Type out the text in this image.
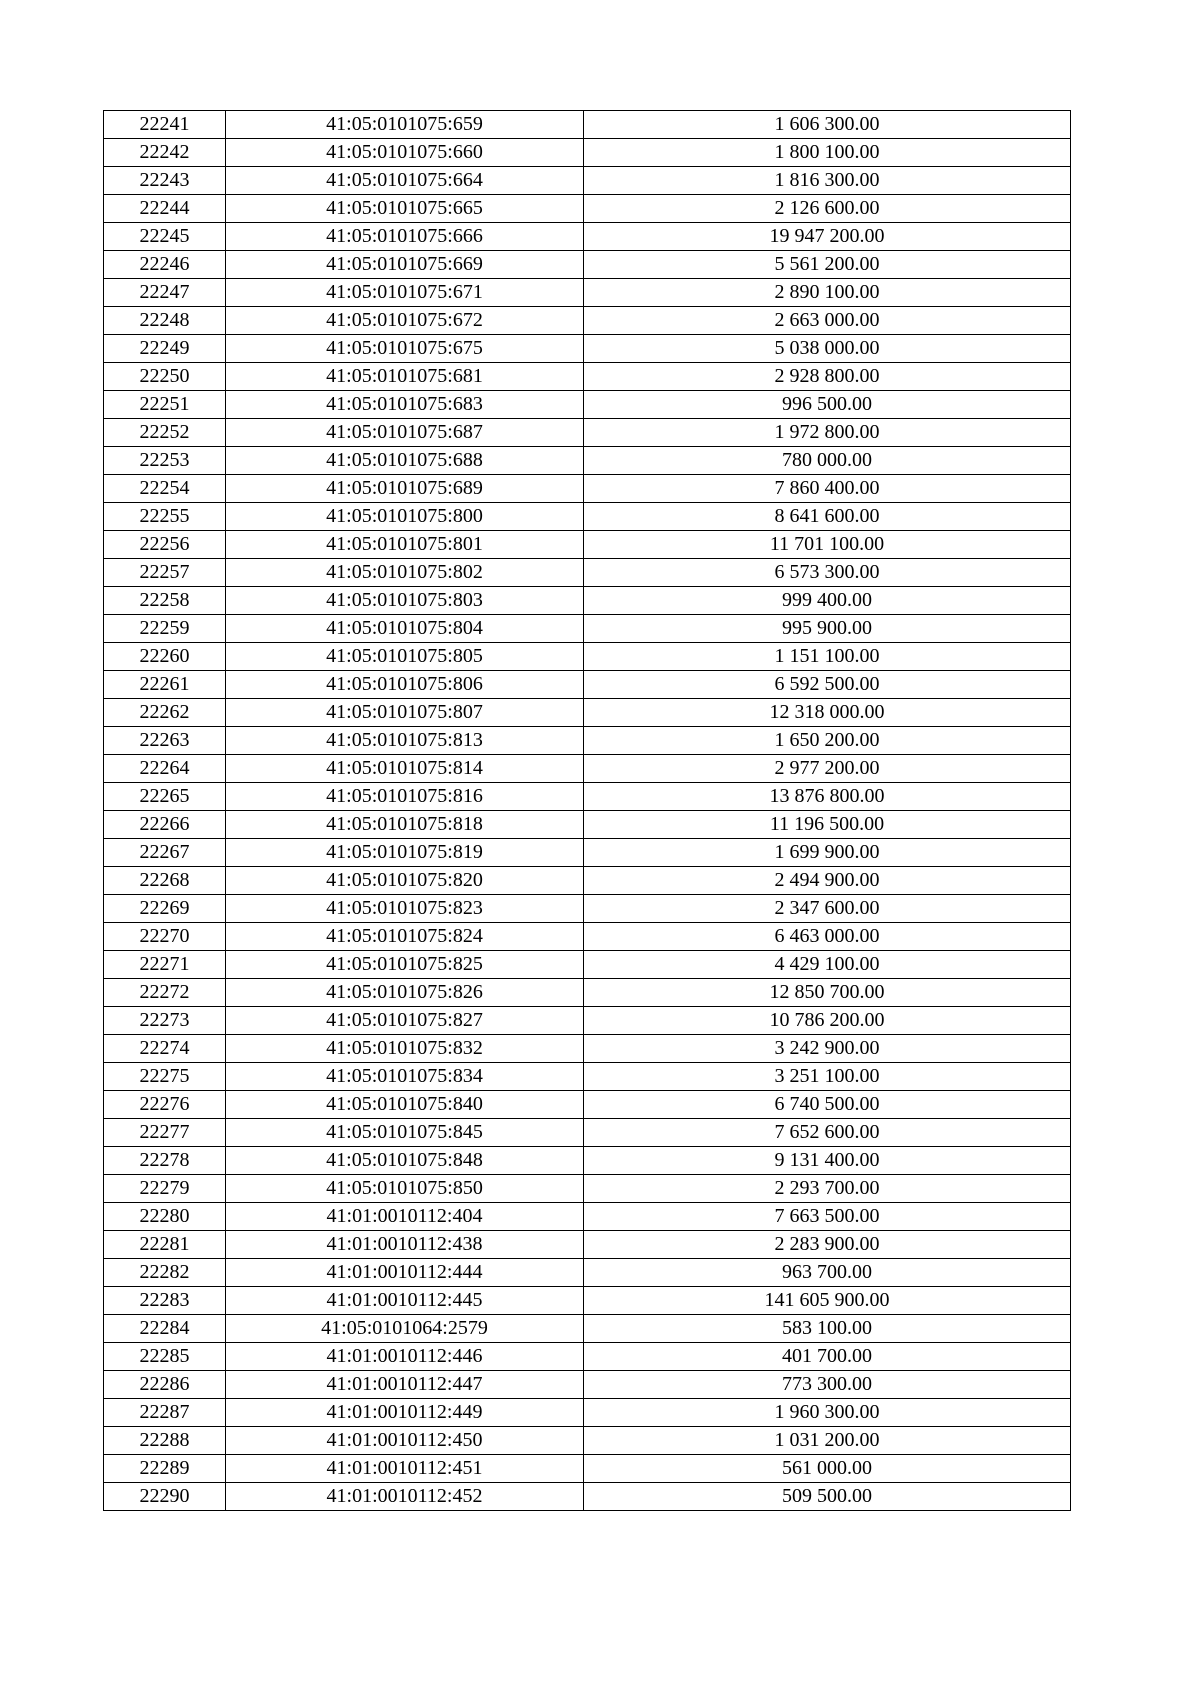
22241	41:05:0101075:659	1 606 300.00
22242	41:05:0101075:660	1 800 100.00
22243	41:05:0101075:664	1 816 300.00
22244	41:05:0101075:665	2 126 600.00
22245	41:05:0101075:666	19 947 200.00
22246	41:05:0101075:669	5 561 200.00
22247	41:05:0101075:671	2 890 100.00
22248	41:05:0101075:672	2 663 000.00
22249	41:05:0101075:675	5 038 000.00
22250	41:05:0101075:681	2 928 800.00
22251	41:05:0101075:683	996 500.00
22252	41:05:0101075:687	1 972 800.00
22253	41:05:0101075:688	780 000.00
22254	41:05:0101075:689	7 860 400.00
22255	41:05:0101075:800	8 641 600.00
22256	41:05:0101075:801	11 701 100.00
22257	41:05:0101075:802	6 573 300.00
22258	41:05:0101075:803	999 400.00
22259	41:05:0101075:804	995 900.00
22260	41:05:0101075:805	1 151 100.00
22261	41:05:0101075:806	6 592 500.00
22262	41:05:0101075:807	12 318 000.00
22263	41:05:0101075:813	1 650 200.00
22264	41:05:0101075:814	2 977 200.00
22265	41:05:0101075:816	13 876 800.00
22266	41:05:0101075:818	11 196 500.00
22267	41:05:0101075:819	1 699 900.00
22268	41:05:0101075:820	2 494 900.00
22269	41:05:0101075:823	2 347 600.00
22270	41:05:0101075:824	6 463 000.00
22271	41:05:0101075:825	4 429 100.00
22272	41:05:0101075:826	12 850 700.00
22273	41:05:0101075:827	10 786 200.00
22274	41:05:0101075:832	3 242 900.00
22275	41:05:0101075:834	3 251 100.00
22276	41:05:0101075:840	6 740 500.00
22277	41:05:0101075:845	7 652 600.00
22278	41:05:0101075:848	9 131 400.00
22279	41:05:0101075:850	2 293 700.00
22280	41:01:0010112:404	7 663 500.00
22281	41:01:0010112:438	2 283 900.00
22282	41:01:0010112:444	963 700.00
22283	41:01:0010112:445	141 605 900.00
22284	41:05:0101064:2579	583 100.00
22285	41:01:0010112:446	401 700.00
22286	41:01:0010112:447	773 300.00
22287	41:01:0010112:449	1 960 300.00
22288	41:01:0010112:450	1 031 200.00
22289	41:01:0010112:451	561 000.00
22290	41:01:0010112:452	509 500.00
